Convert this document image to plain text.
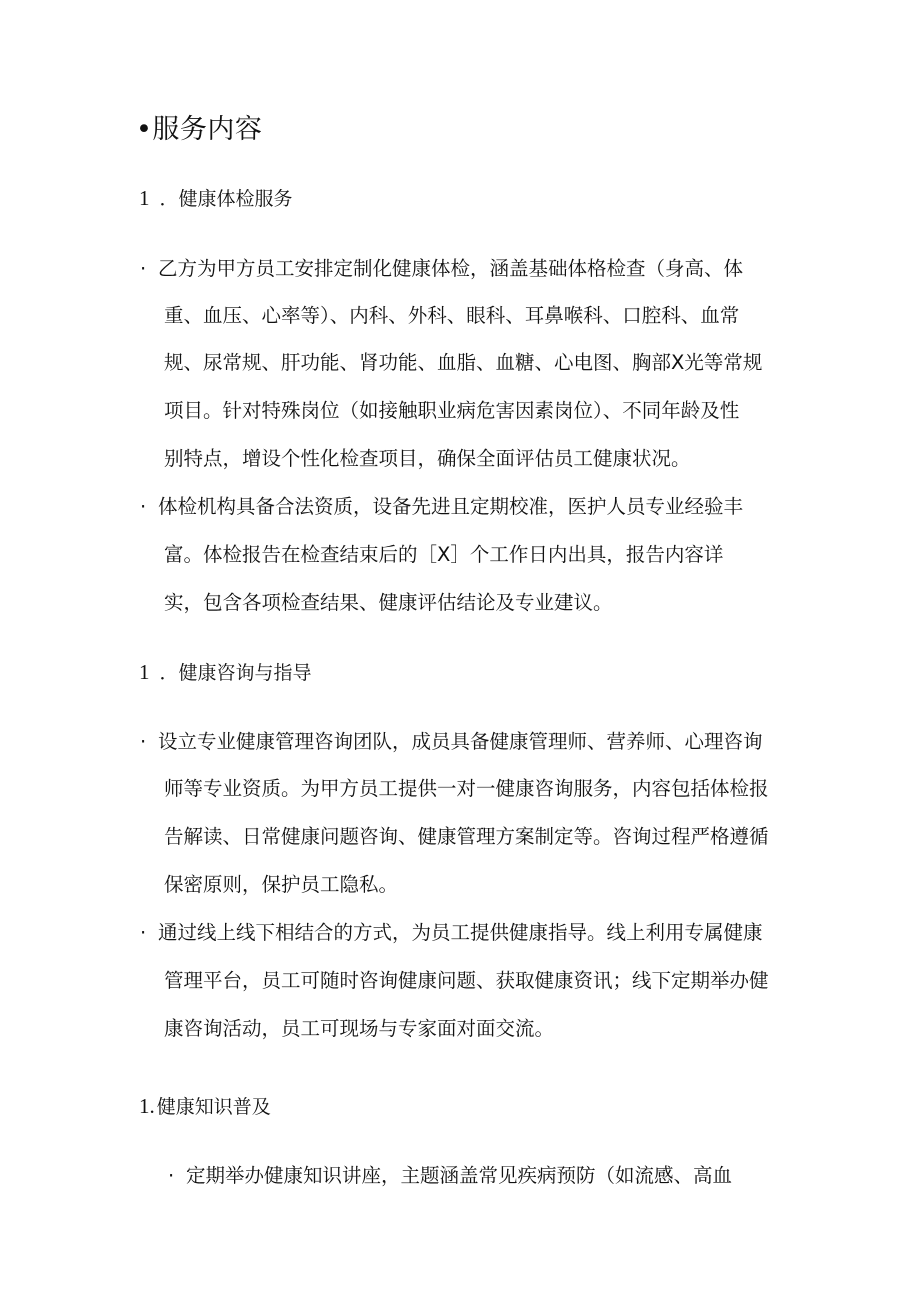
•服务内容
1 ．健康体检服务
· 乙方为甲方员工安排定制化健康体检，涵盖基础体格检查（身高、体
重、血压、心率等）、内科、外科、眼科、耳鼻喉科、口腔科、血常
规、尿常规、肝功能、肾功能、血脂、血糖、心电图、胸部X光等常规
项目。针对特殊岗位（如接触职业病危害因素岗位）、不同年龄及性
别特点，增设个性化检查项目，确保全面评估员工健康状况。
· 体检机构具备合法资质，设备先进且定期校准，医护人员专业经验丰
富。体检报告在检查结束后的［X］个工作日内出具，报告内容详
实，包含各项检查结果、健康评估结论及专业建议。
1 ．健康咨询与指导
· 设立专业健康管理咨询团队，成员具备健康管理师、营养师、心理咨询
师等专业资质。为甲方员工提供一对一健康咨询服务，内容包括体检报
告解读、日常健康问题咨询、健康管理方案制定等。咨询过程严格遵循
保密原则，保护员工隐私。
· 通过线上线下相结合的方式，为员工提供健康指导。线上利用专属健康
管理平台，员工可随时咨询健康问题、获取健康资讯；线下定期举办健
康咨询活动，员工可现场与专家面对面交流。
1. 健康知识普及
· 定期举办健康知识讲座，主题涵盖常见疾病预防（如流感、高血
